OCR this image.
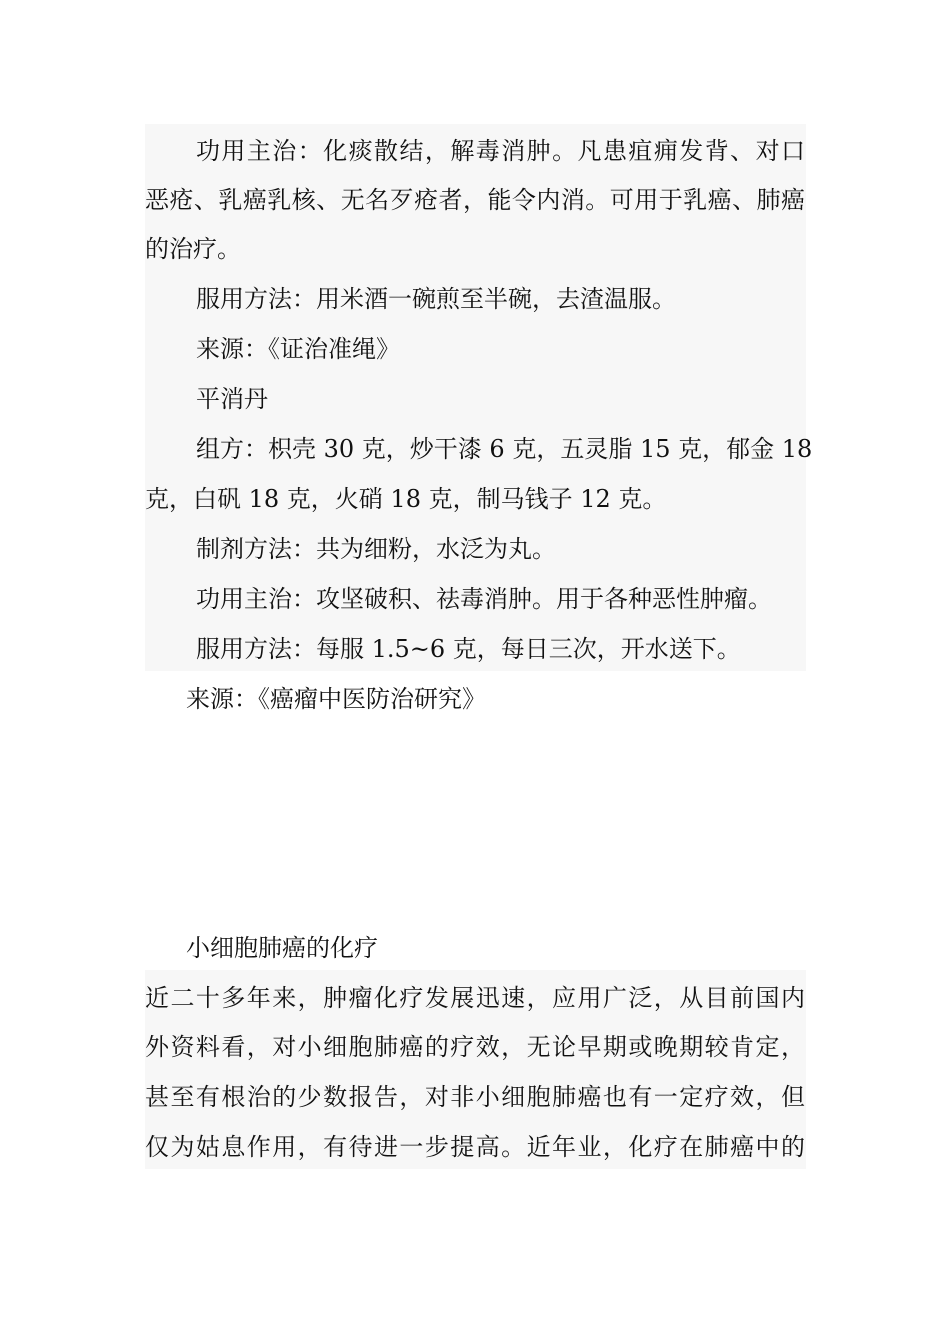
功用主治：化痰散结，解毒消肿。凡患疽痈发背、对口
恶疮、乳癌乳核、无名歹疮者，能令内消。可用于乳癌、肺癌
的治疗。
服用方法：用米酒一碗煎至半碗，去渣温服。
来源：《证治准绳》
平消丹
组方：枳壳 30 克，炒干漆 6 克，五灵脂 15 克，郁金 18
克，白矾 18 克，火硝 18 克，制马钱子 12 克。
制剂方法：共为细粉，水泛为丸。
功用主治：攻坚破积、祛毒消肿。用于各种恶性肿瘤。
服用方法：每服 1.5~6 克，每日三次，开水送下。
来源：《癌瘤中医防治研究》
小细胞肺癌的化疗
近二十多年来，肿瘤化疗发展迅速，应用广泛，从目前国内
外资料看，对小细胞肺癌的疗效，无论早期或晚期较肯定，
甚至有根治的少数报告，对非小细胞肺癌也有一定疗效，但
仅为姑息作用，有待进一步提高。近年业，化疗在肺癌中的
